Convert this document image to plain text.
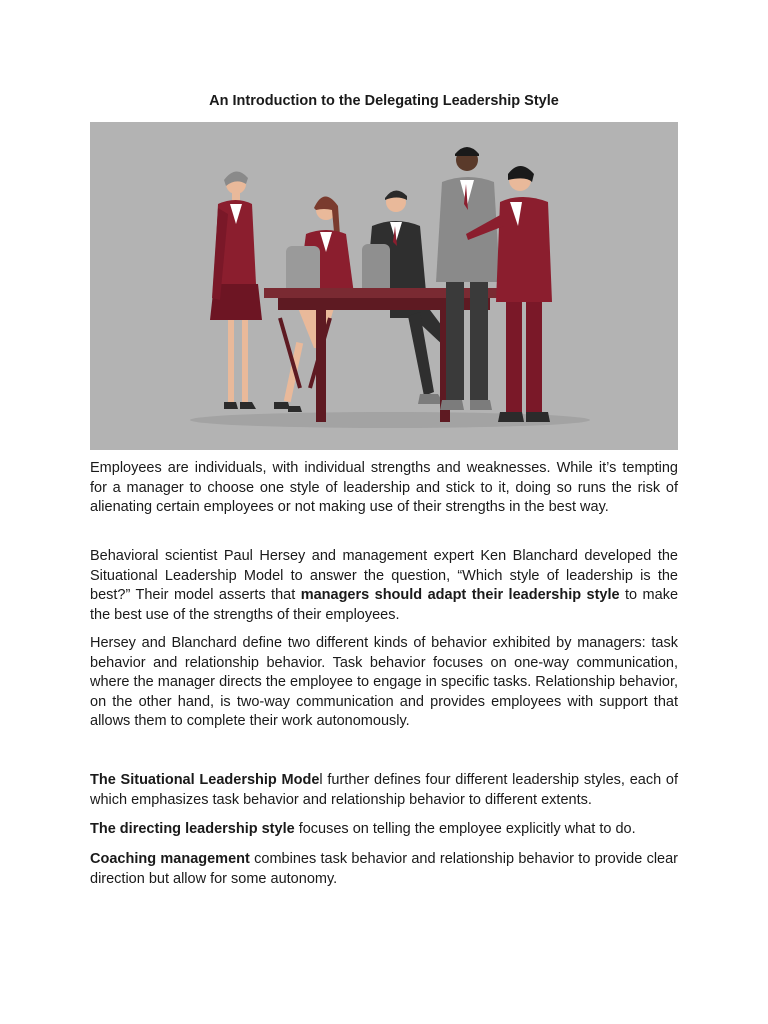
An Introduction to the Delegating Leadership Style

Employees are individuals, with individual strengths and weaknesses. While it’s tempting for a manager to choose one style of leadership and stick to it, doing so runs the risk of alienating certain employees or not making use of their strengths in the best way.

Behavioral scientist Paul Hersey and management expert Ken Blanchard developed the Situational Leadership Model to answer the question, “Which style of leadership is the best?” Their model asserts that managers should adapt their leadership style to make the best use of the strengths of their employees.

Hersey and Blanchard define two different kinds of behavior exhibited by managers: task behavior and relationship behavior. Task behavior focuses on one-way communication, where the manager directs the employee to engage in specific tasks. Relationship behavior, on the other hand, is two-way communication and provides employees with support that allows them to complete their work autonomously.

The Situational Leadership Model further defines four different leadership styles, each of which emphasizes task behavior and relationship behavior to different extents.

The directing leadership style focuses on telling the employee explicitly what to do.

Coaching management combines task behavior and relationship behavior to provide clear direction but allow for some autonomy.
